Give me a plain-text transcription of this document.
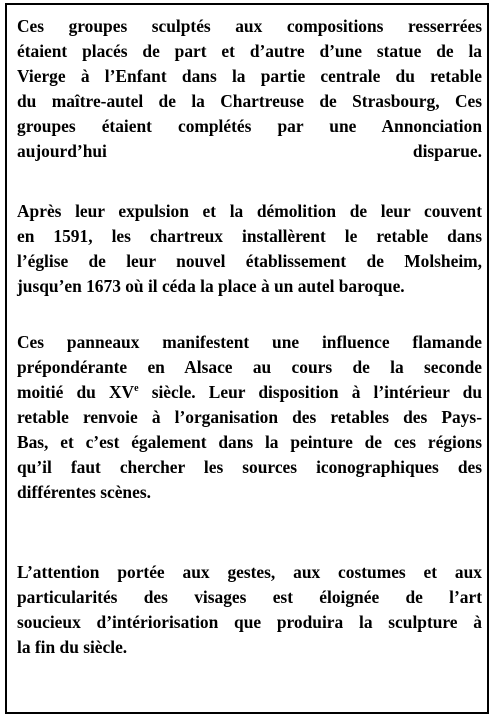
Ces groupes sculptés aux compositions resserrées
étaient placés de part et d’autre d’une statue de la
Vierge à l’Enfant dans la partie centrale du retable
du maître-autel de la Chartreuse de Strasbourg, Ces
groupes étaient complétés par une Annonciation
aujourd’hui disparue.
Après leur expulsion et la démolition de leur couvent
en 1591, les chartreux installèrent le retable dans
l’église de leur nouvel établissement de Molsheim,
jusqu’en 1673 où il céda la place à un autel baroque.
Ces panneaux manifestent une influence flamande
prépondérante en Alsace au cours de la seconde
moitié du XVe siècle. Leur disposition à l’intérieur du
retable renvoie à l’organisation des retables des Pays-
Bas, et c’est également dans la peinture de ces régions
qu’il faut chercher les sources iconographiques des
différentes scènes.
L’attention portée aux gestes, aux costumes et aux
particularités des visages est éloignée de l’art
soucieux d’intériorisation que produira la sculpture à
la fin du siècle.
